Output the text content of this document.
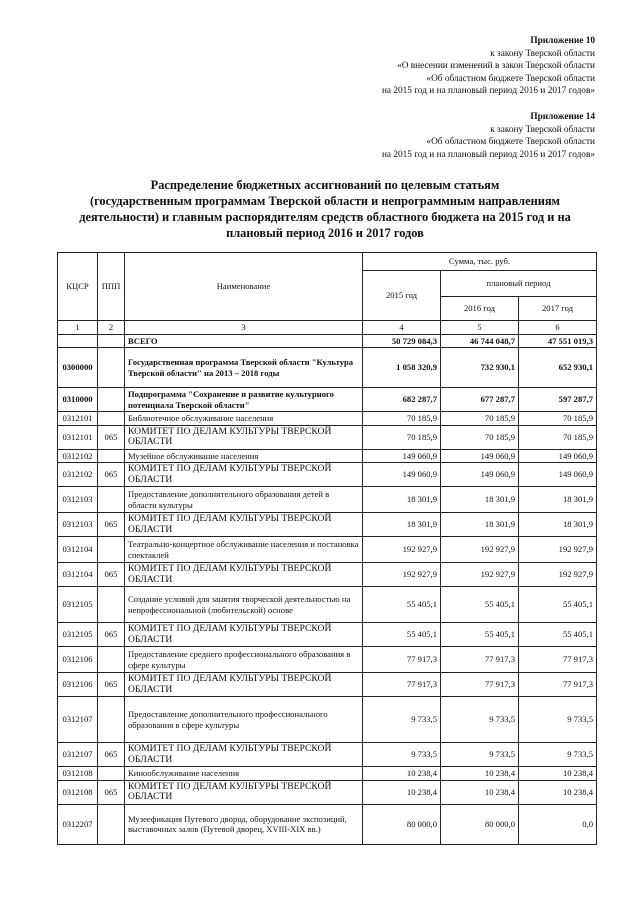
Приложение 10
к закону Тверской области
«О внесении изменений в закон Тверской области
«Об областном бюджете Тверской области
на 2015 год и на плановый период 2016 и 2017 годов»
Приложение 14
к закону Тверской области
«Об областном бюджете Тверской области
на 2015 год и на плановый период 2016 и 2017 годов»
Распределение бюджетных ассигнований по целевым статьям
(государственным программам Тверской области и непрограммным направлениям
деятельности) и главным распорядителям средств областного бюджета на 2015 год и на
плановый период 2016 и 2017 годов
КЦСР	ППП	Наименование	Сумма, тыс. руб.		
			2015 год	плановый период	
				2016 год	2017 год
1	2	3	4	5	6
		ВСЕГО	50 729 084,3	46 744 048,7	47 551 019,3
0300000		Государственная программа Тверской области "Культура Тверской области" на 2013 – 2018 годы	1 058 320,9	732 930,1	652 930,1
0310000		Подпрограмма "Сохранение и развитие культурного потенциала Тверской области"	682 287,7	677 287,7	597 287,7
0312101		Библиотечное обслуживание населения	70 185,9	70 185,9	70 185,9
0312101	065	КОМИТЕТ ПО ДЕЛАМ КУЛЬТУРЫ ТВЕРСКОЙ ОБЛАСТИ	70 185,9	70 185,9	70 185,9
0312102		Музейное обслуживание населения	149 060,9	149 060,9	149 060,9
0312102	065	КОМИТЕТ ПО ДЕЛАМ КУЛЬТУРЫ ТВЕРСКОЙ ОБЛАСТИ	149 060,9	149 060,9	149 060,9
0312103		Предоставление дополнительного образования детей в области культуры	18 301,9	18 301,9	18 301,9
0312103	065	КОМИТЕТ ПО ДЕЛАМ КУЛЬТУРЫ ТВЕРСКОЙ ОБЛАСТИ	18 301,9	18 301,9	18 301,9
0312104		Театрально-концертное обслуживание населения и постановка спектаклей	192 927,9	192 927,9	192 927,9
0312104	065	КОМИТЕТ ПО ДЕЛАМ КУЛЬТУРЫ ТВЕРСКОЙ ОБЛАСТИ	192 927,9	192 927,9	192 927,9
0312105		Создание условий для занятия творческой деятельностью на непрофессиональной (любительской) основе	55 405,1	55 405,1	55 405,1
0312105	065	КОМИТЕТ ПО ДЕЛАМ КУЛЬТУРЫ ТВЕРСКОЙ ОБЛАСТИ	55 405,1	55 405,1	55 405,1
0312106		Предоставление среднего профессионального образования в сфере культуры	77 917,3	77 917,3	77 917,3
0312106	065	КОМИТЕТ ПО ДЕЛАМ КУЛЬТУРЫ ТВЕРСКОЙ ОБЛАСТИ	77 917,3	77 917,3	77 917,3
0312107		Предоставление дополнительного профессионального образования в сфере культуры	9 733,5	9 733,5	9 733,5
0312107	065	КОМИТЕТ ПО ДЕЛАМ КУЛЬТУРЫ ТВЕРСКОЙ ОБЛАСТИ	9 733,5	9 733,5	9 733,5
0312108		Кинообслуживание населения	10 238,4	10 238,4	10 238,4
0312108	065	КОМИТЕТ ПО ДЕЛАМ КУЛЬТУРЫ ТВЕРСКОЙ ОБЛАСТИ	10 238,4	10 238,4	10 238,4
0312207		Музеефикация Путевого дворца, оборудование экспозиций, выставочных залов (Путевой дворец, XVIII-XIX вв.)	80 000,0	80 000,0	0,0
